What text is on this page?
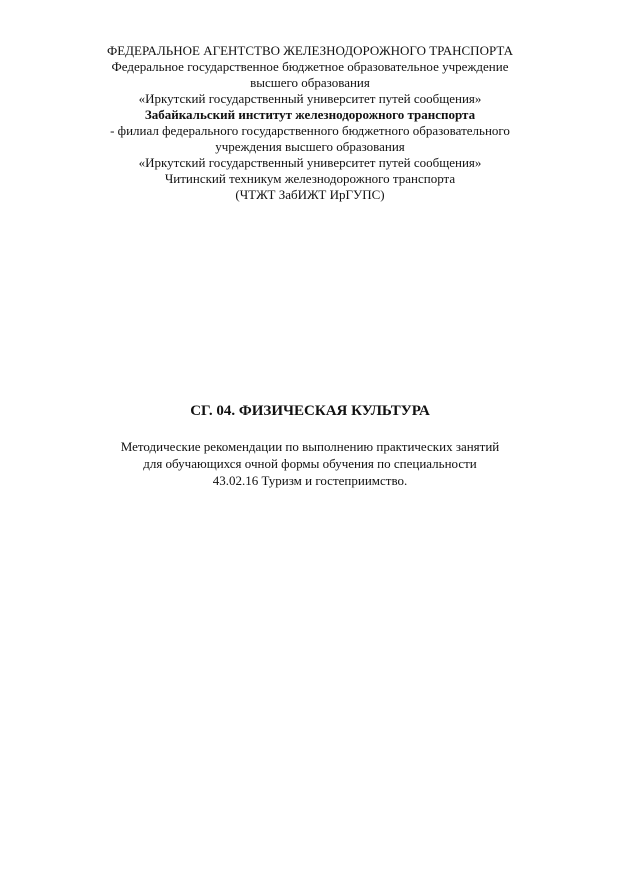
ФЕДЕРАЛЬНОЕ АГЕНТСТВО ЖЕЛЕЗНОДОРОЖНОГО ТРАНСПОРТА
Федеральное государственное бюджетное образовательное учреждение
высшего образования
«Иркутский государственный университет путей сообщения»
Забайкальский институт железнодорожного транспорта
- филиал федерального государственного бюджетного образовательного
учреждения высшего образования
«Иркутский государственный университет путей сообщения»
Читинский техникум железнодорожного транспорта
(ЧТЖТ ЗабИЖТ ИрГУПС)
СГ. 04. ФИЗИЧЕСКАЯ КУЛЬТУРА
Методические рекомендации по выполнению практических занятий
для обучающихся очной формы обучения по специальности
43.02.16 Туризм и гостеприимство.
